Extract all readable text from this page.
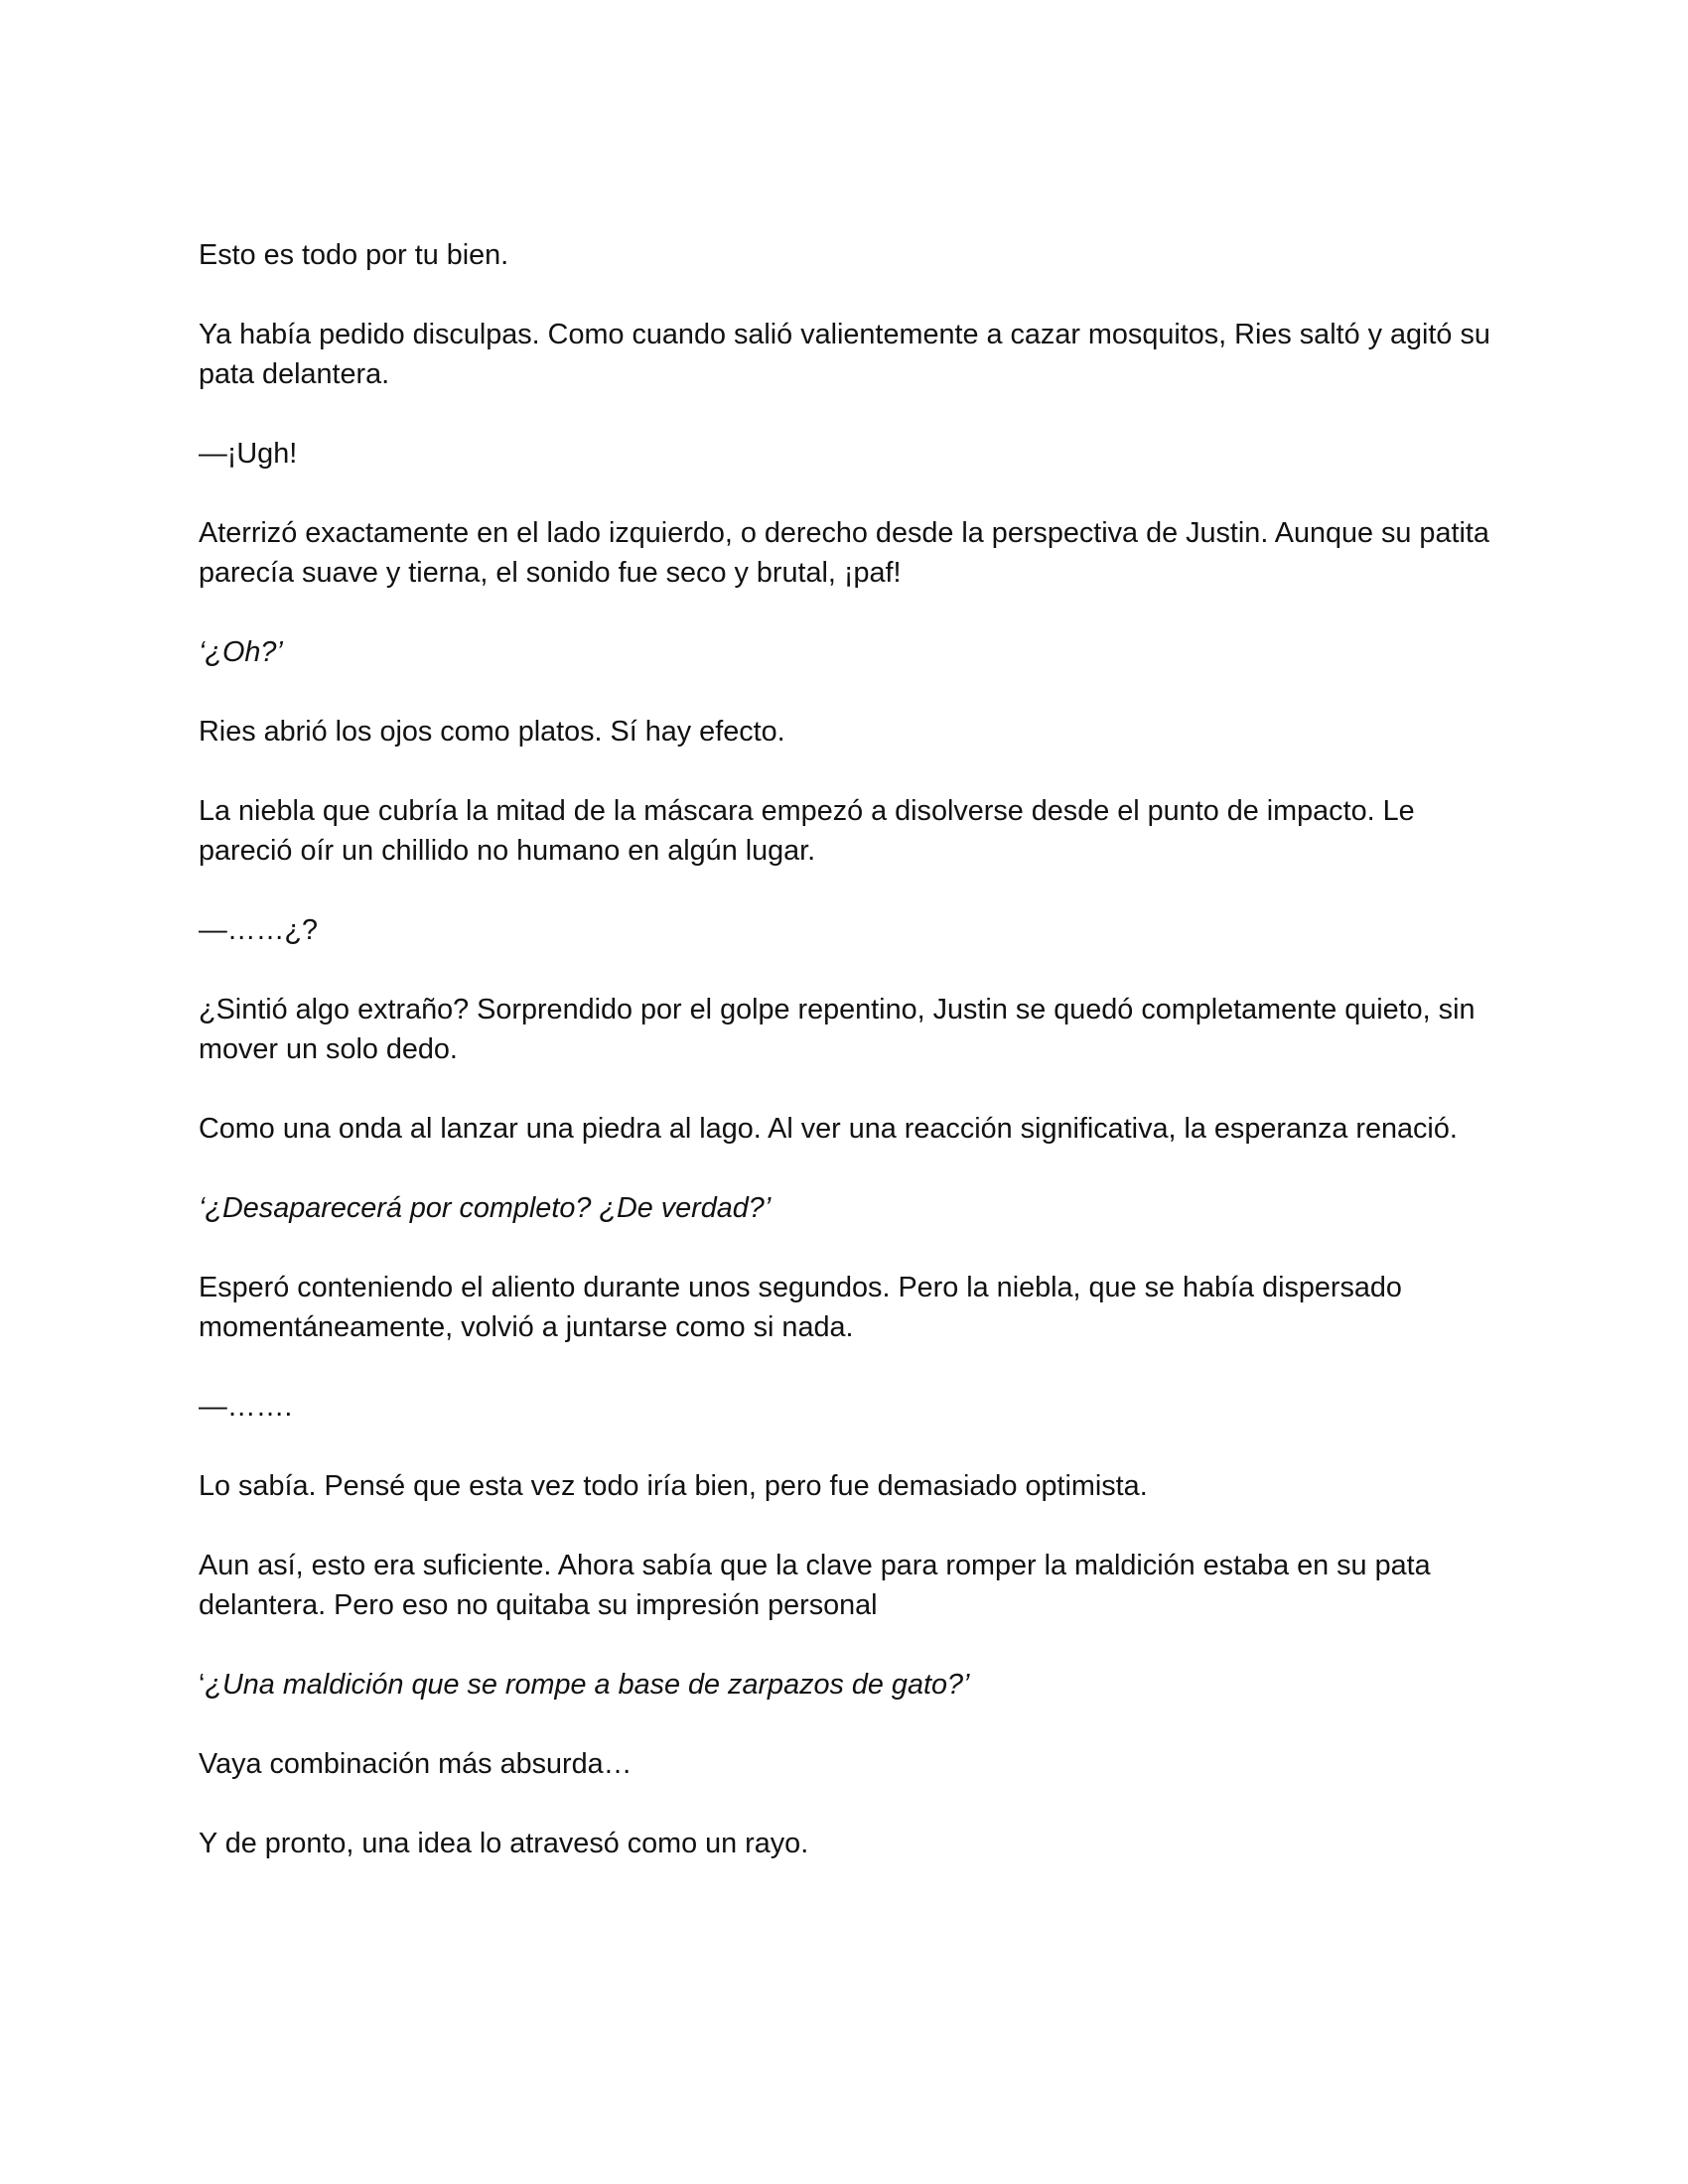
Esto es todo por tu bien.

Ya había pedido disculpas. Como cuando salió valientemente a cazar mosquitos, Ries saltó y agitó su pata delantera.

—¡Ugh!

Aterrizó exactamente en el lado izquierdo, o derecho desde la perspectiva de Justin. Aunque su patita parecía suave y tierna, el sonido fue seco y brutal, ¡paf!

‘¿Oh?’

Ries abrió los ojos como platos. Sí hay efecto.

La niebla que cubría la mitad de la máscara empezó a disolverse desde el punto de impacto. Le pareció oír un chillido no humano en algún lugar.

—……¿?

¿Sintió algo extraño? Sorprendido por el golpe repentino, Justin se quedó completamente quieto, sin mover un solo dedo.

Como una onda al lanzar una piedra al lago. Al ver una reacción significativa, la esperanza renació.

‘¿Desaparecerá por completo? ¿De verdad?’

Esperó conteniendo el aliento durante unos segundos. Pero la niebla, que se había dispersado momentáneamente, volvió a juntarse como si nada.

—…….

Lo sabía. Pensé que esta vez todo iría bien, pero fue demasiado optimista.

Aun así, esto era suficiente. Ahora sabía que la clave para romper la maldición estaba en su pata delantera. Pero eso no quitaba su impresión personal

‘¿Una maldición que se rompe a base de zarpazos de gato?’

Vaya combinación más absurda…

Y de pronto, una idea lo atravesó como un rayo.
